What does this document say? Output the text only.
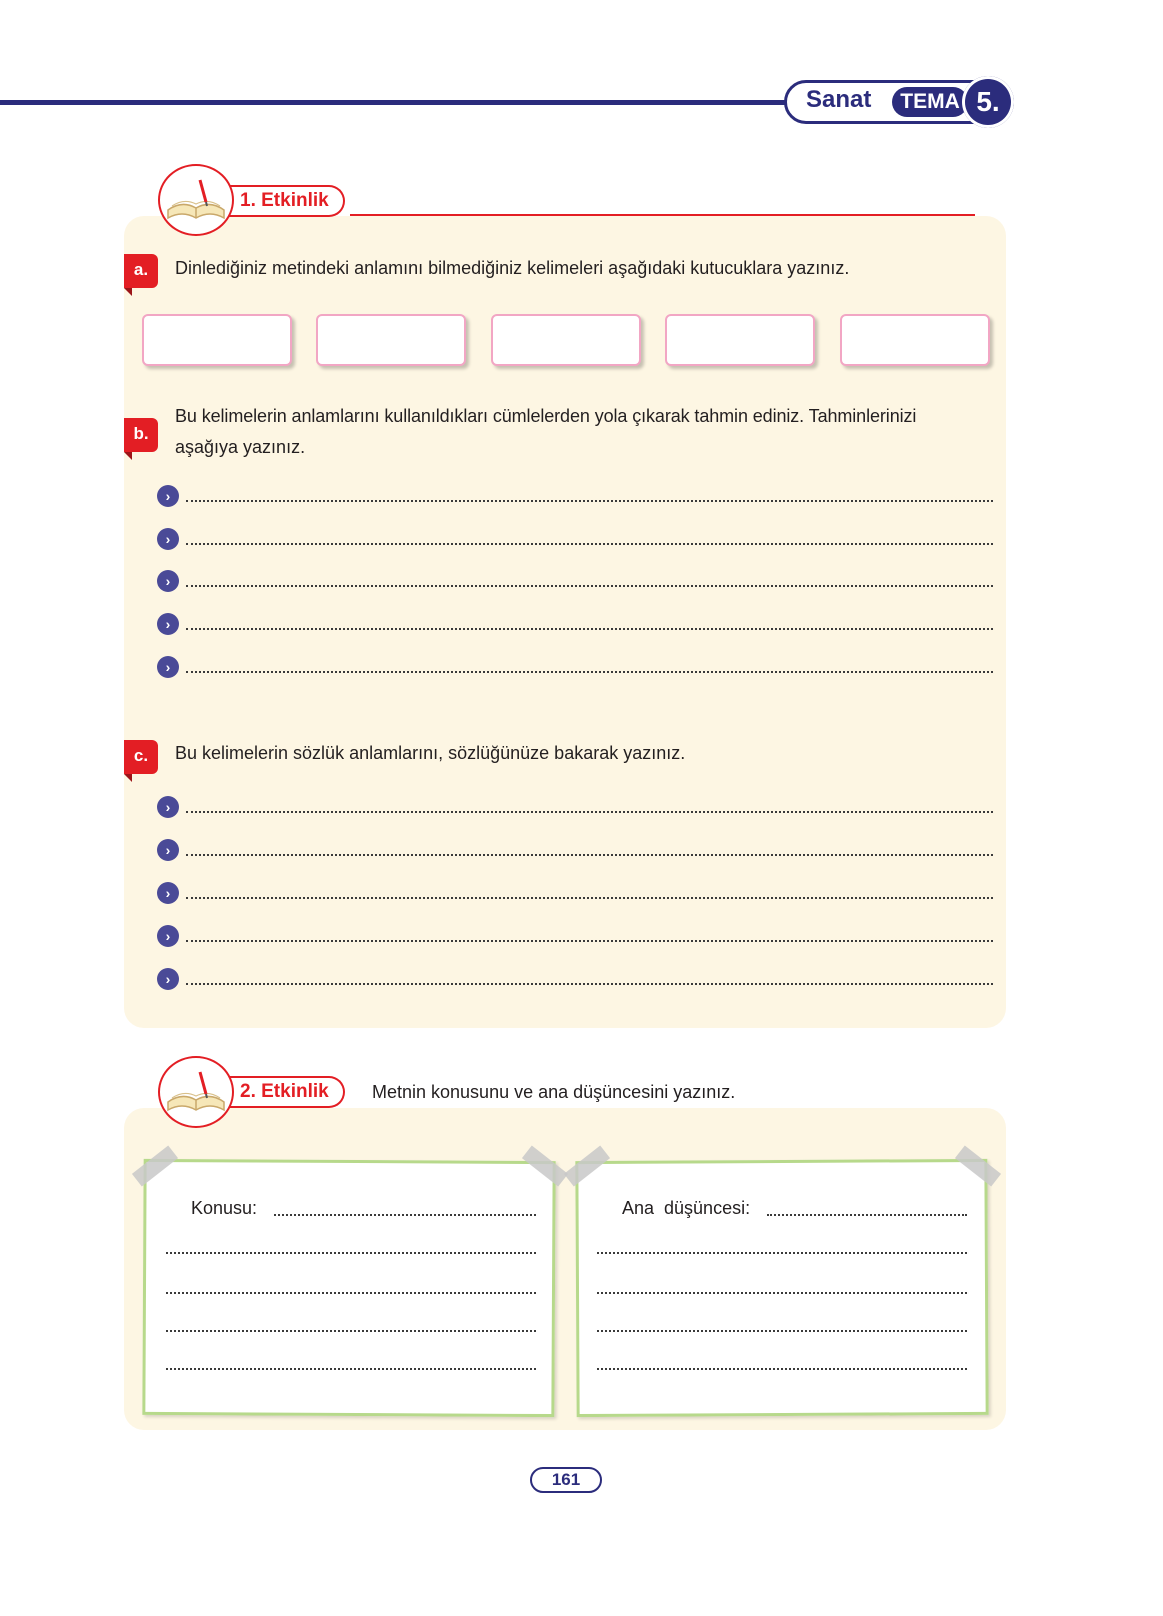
Sanat	TEMA 5.
1. Etkinlik
a.	Dinlediğiniz metindeki anlamını bilmediğiniz kelimeleri aşağıdaki kutucuklara yazınız.
b.
Bu kelimelerin anlamlarını kullanıldıkları cümlelerden yola çıkarak tahmin ediniz. Tahminlerinizi
aşağıya yazınız.
›
›
›
›
›
c.	Bu kelimelerin sözlük anlamlarını, sözlüğünüze bakarak yazınız.
›
›
›
›
›
2. Etkinlik	Metnin konusunu ve ana düşüncesini yazınız.
Konusu:	Ana  düşüncesi:
161
